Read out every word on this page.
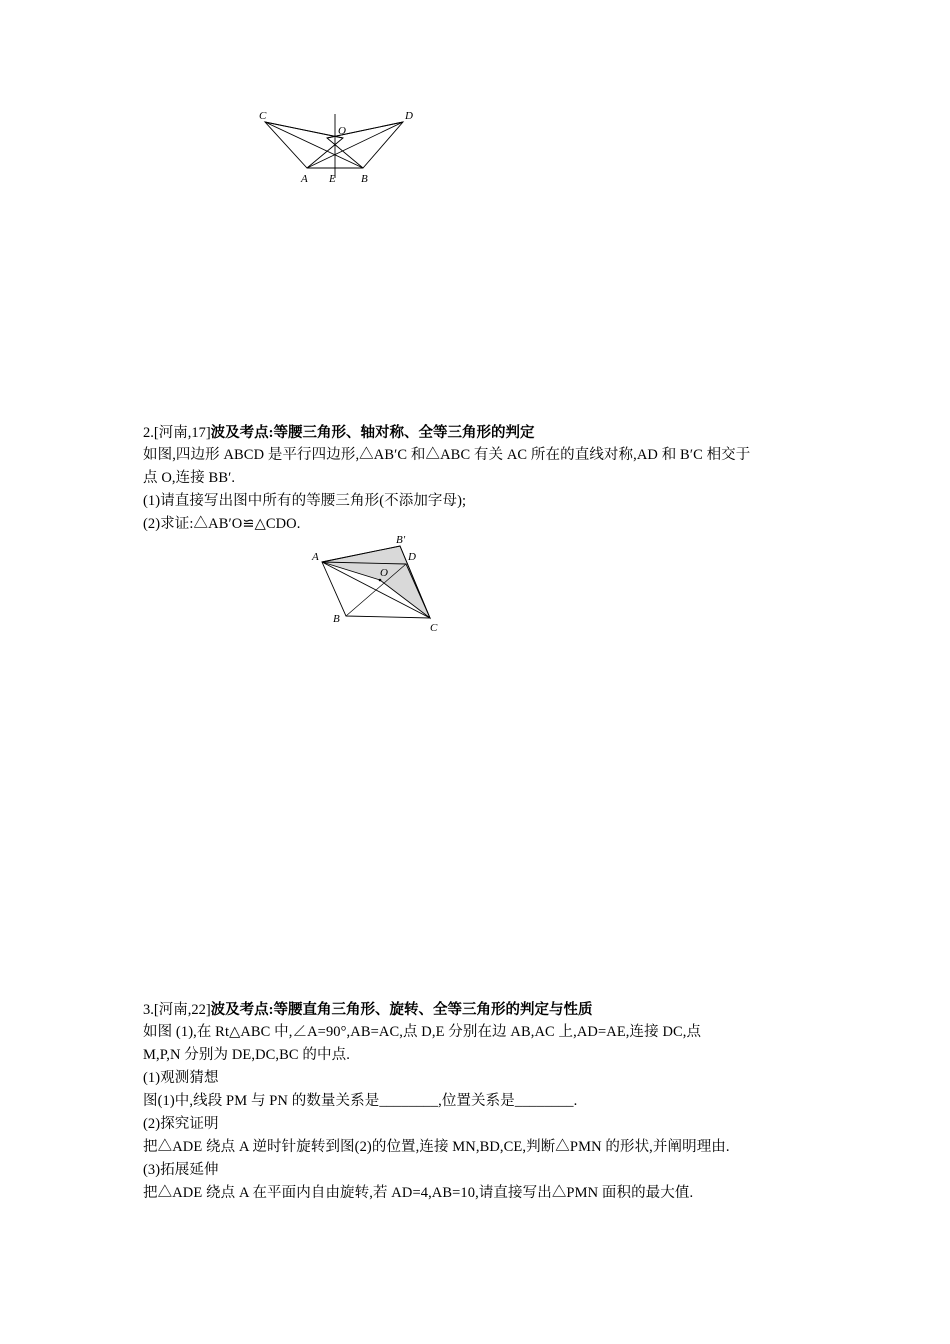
C	D
O
A E B
2.[河南,17]波及考点:等腰三角形、轴对称、全等三角形的判定
如图,四边形 ABCD 是平行四边形,△AB′C 和△ABC 有关 AC 所在的直线对称,AD 和 B′C 相交于
点 O,连接 BB′.
(1)请直接写出图中所有的等腰三角形(不添加字母);
(2)求证:△AB′O≌△CDO.
B′
A
O
D
B
C
3.[河南,22]波及考点:等腰直角三角形、旋转、全等三角形的判定与性质
如图 (1),在 Rt△ABC 中,∠A=90°,AB=AC,点 D,E 分别在边 AB,AC 上,AD=AE,连接 DC,点
M,P,N 分别为 DE,DC,BC 的中点.
(1)观测猜想
图(1)中,线段 PM 与 PN 的数量关系是________,位置关系是________.
(2)探究证明
把△ADE 绕点 A 逆时针旋转到图(2)的位置,连接 MN,BD,CE,判断△PMN 的形状,并阐明理由.
(3)拓展延伸
把△ADE 绕点 A 在平面内自由旋转,若 AD=4,AB=10,请直接写出△PMN 面积的最大值.
